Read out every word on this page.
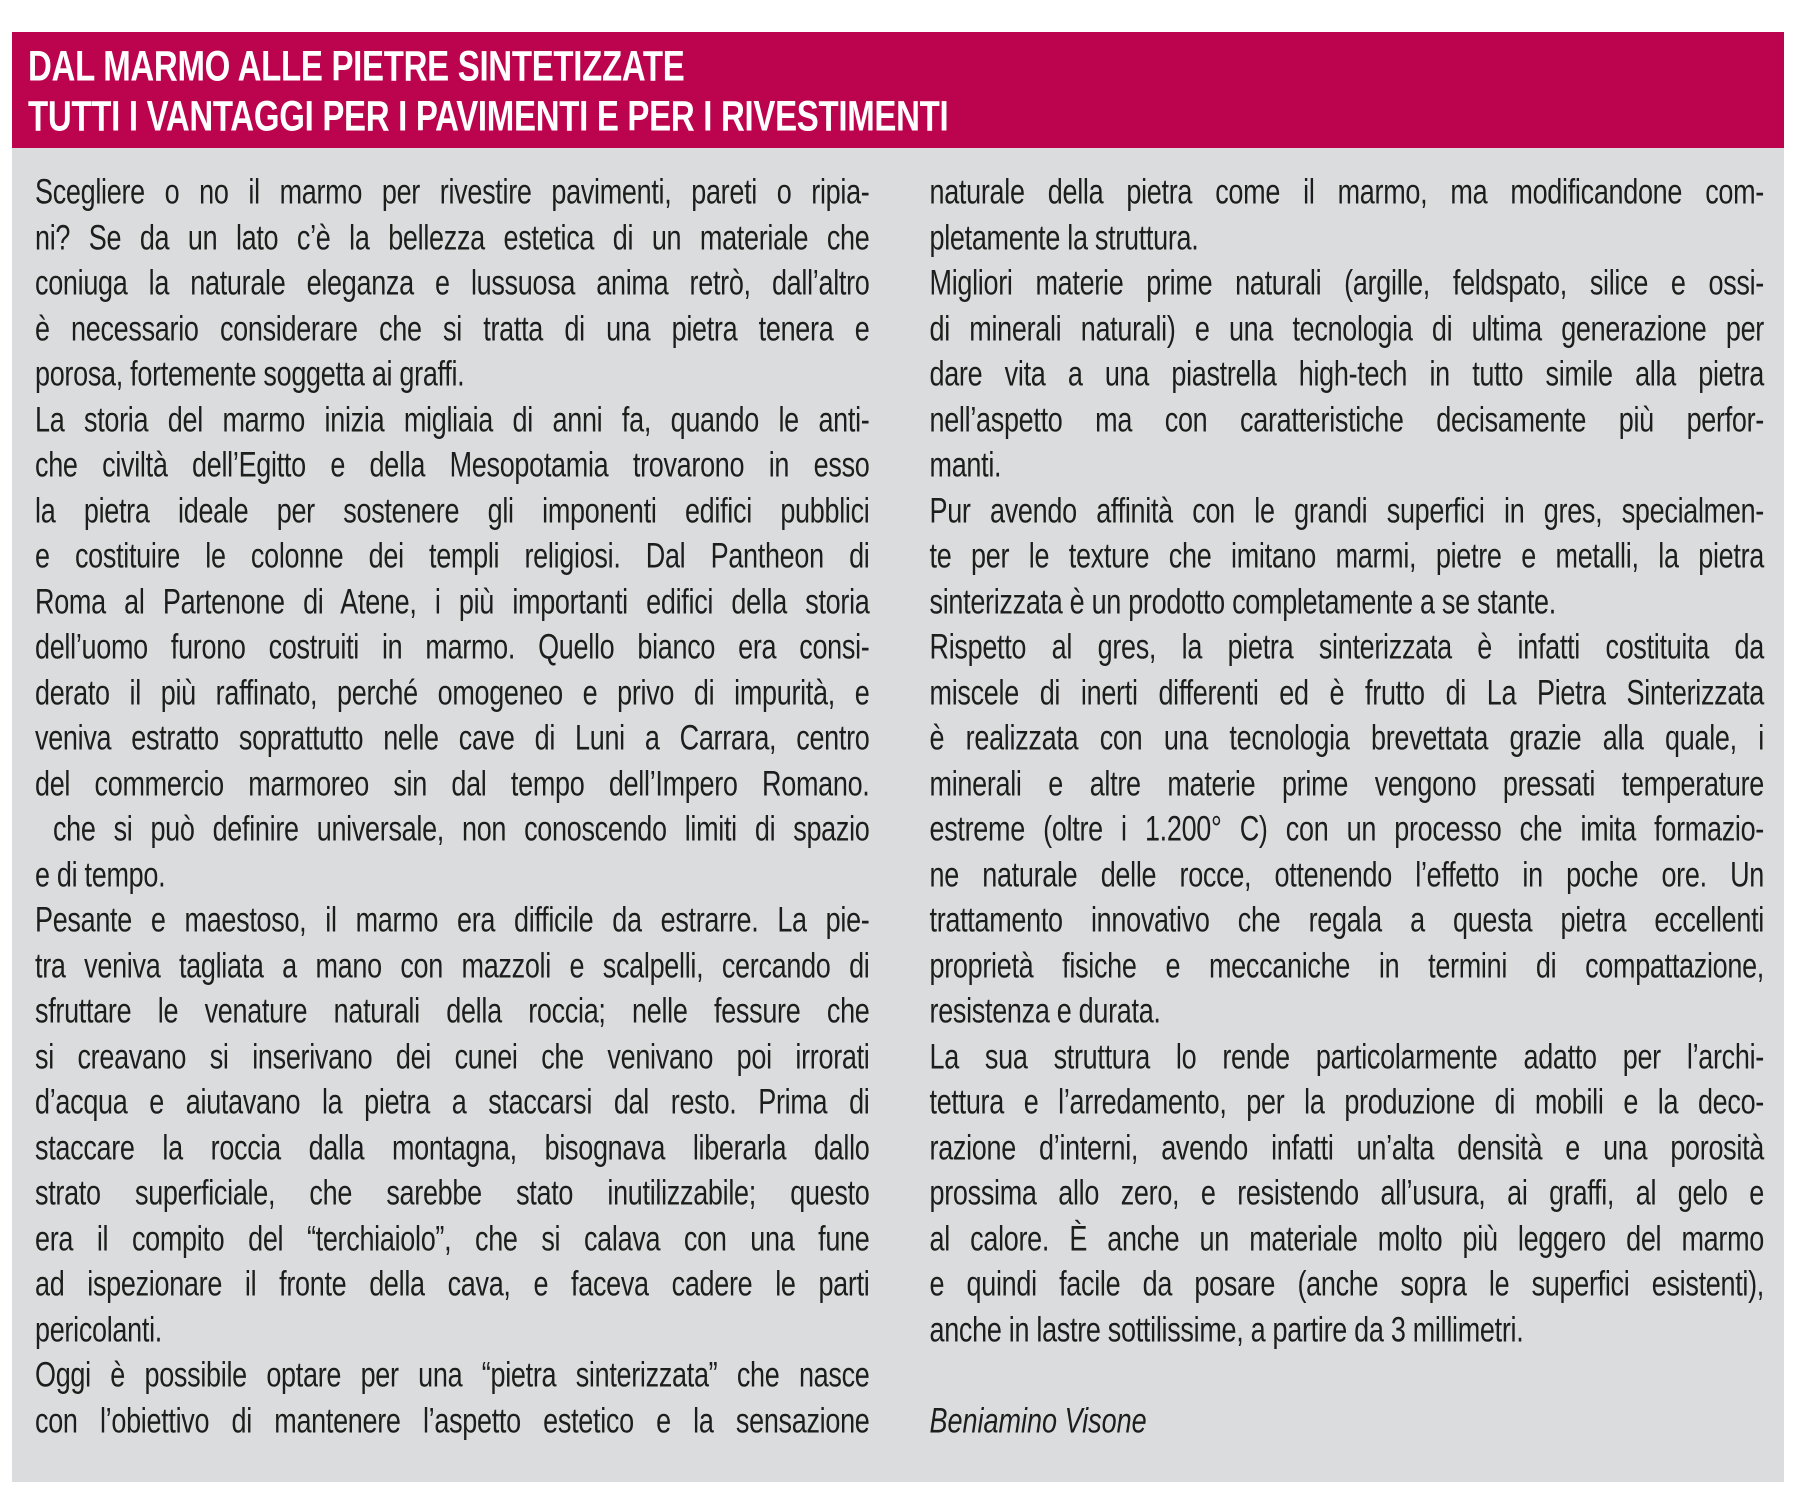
DAL MARMO ALLE PIETRE SINTETIZZATE
TUTTI I VANTAGGI PER I PAVIMENTI E PER I RIVESTIMENTI
Scegliere o no il marmo per rivestire pavimenti, pareti o ripia-
ni? Se da un lato c’è la bellezza estetica di un materiale che
coniuga la naturale eleganza e lussuosa anima retrò, dall’altro
è necessario considerare che si tratta di una pietra tenera e
porosa, fortemente soggetta ai graffi.
La storia del marmo inizia migliaia di anni fa, quando le anti-
che civiltà dell’Egitto e della Mesopotamia trovarono in esso
la pietra ideale per sostenere gli imponenti edifici pubblici
e costituire le colonne dei templi religiosi. Dal Pantheon di
Roma al Partenone di Atene, i più importanti edifici della storia
dell’uomo furono costruiti in marmo. Quello bianco era consi-
derato il più raffinato, perché omogeneo e privo di impurità, e
veniva estratto soprattutto nelle cave di Luni a Carrara, centro
del commercio marmoreo sin dal tempo dell’Impero Romano.
che si può definire universale, non conoscendo limiti di spazio
e di tempo.
Pesante e maestoso, il marmo era difficile da estrarre. La pie-
tra veniva tagliata a mano con mazzoli e scalpelli, cercando di
sfruttare le venature naturali della roccia; nelle fessure che
si creavano si inserivano dei cunei che venivano poi irrorati
d’acqua e aiutavano la pietra a staccarsi dal resto. Prima di
staccare la roccia dalla montagna, bisognava liberarla dallo
strato superficiale, che sarebbe stato inutilizzabile; questo
era il compito del “terchiaiolo”, che si calava con una fune
ad ispezionare il fronte della cava, e faceva cadere le parti
pericolanti.
Oggi è possibile optare per una “pietra sinterizzata” che nasce
con l’obiettivo di mantenere l’aspetto estetico e la sensazione
naturale della pietra come il marmo, ma modificandone com-
pletamente la struttura.
Migliori materie prime naturali (argille, feldspato, silice e ossi-
di minerali naturali) e una tecnologia di ultima generazione per
dare vita a una piastrella high-tech in tutto simile alla pietra
nell’aspetto ma con caratteristiche decisamente più perfor-
manti.
Pur avendo affinità con le grandi superfici in gres, specialmen-
te per le texture che imitano marmi, pietre e metalli, la pietra
sinterizzata è un prodotto completamente a se stante.
Rispetto al gres, la pietra sinterizzata è infatti costituita da
miscele di inerti differenti ed è frutto di La Pietra Sinterizzata
è realizzata con una tecnologia brevettata grazie alla quale, i
minerali e altre materie prime vengono pressati temperature
estreme (oltre i 1.200° C) con un processo che imita formazio-
ne naturale delle rocce, ottenendo l’effetto in poche ore. Un
trattamento innovativo che regala a questa pietra eccellenti
proprietà fisiche e meccaniche in termini di compattazione,
resistenza e durata.
La sua struttura lo rende particolarmente adatto per l’archi-
tettura e l’arredamento, per la produzione di mobili e la deco-
razione d’interni, avendo infatti un’alta densità e una porosità
prossima allo zero, e resistendo all’usura, ai graffi, al gelo e
al calore. È anche un materiale molto più leggero del marmo
e quindi facile da posare (anche sopra le superfici esistenti),
anche in lastre sottilissime, a partire da 3 millimetri.

Beniamino Visone
